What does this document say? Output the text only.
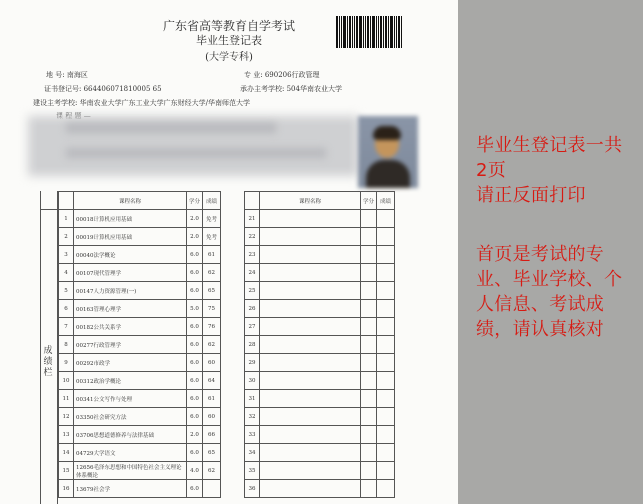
广东省高等教育自学考试
毕业生登记表
(大学专科)
地 号: 南海区	专 业: 690206行政管理
证书登记号: 664406071810005 65	承办主考学校: 504华南农业大学
建设主考学校: 华南农业大学广东工业大学广东财经大学/华南师范大学
成绩栏
		课程名称	学分	成绩
	1	00018计算机应用基础	2.0	免考
	2	00019计算机应用基础	2.0	免考
	3	00040法学概论	6.0	61
	4	00107现代管理学	6.0	62
	5	00147人力资源管理(一)	6.0	65
	6	00163管理心理学	5.0	75
	7	00182公共关系学	6.0	76
	8	00277行政管理学	6.0	62
	9	00292市政学	6.0	60
	10	00312政治学概论	6.0	64
	11	00341公文写作与处理	6.0	61
	12	03350社会研究方法	6.0	60
	13	03706思想道德修养与法律基础	2.0	66
	14	04729大学语文	6.0	65
	15	12656毛泽东思想和中国特色社会主义理论体系概论	4.0	62
	16	13679社会学	6.0	
	课程名称	学分	成绩
21			
22			
23			
24			
25			
26			
27			
28			
29			
30			
31			
32			
33			
34			
35			
36			
毕业生登记表一共
2页
请正反面打印
首页是考试的专
业、毕业学校、个
人信息、考试成
绩，请认真核对
